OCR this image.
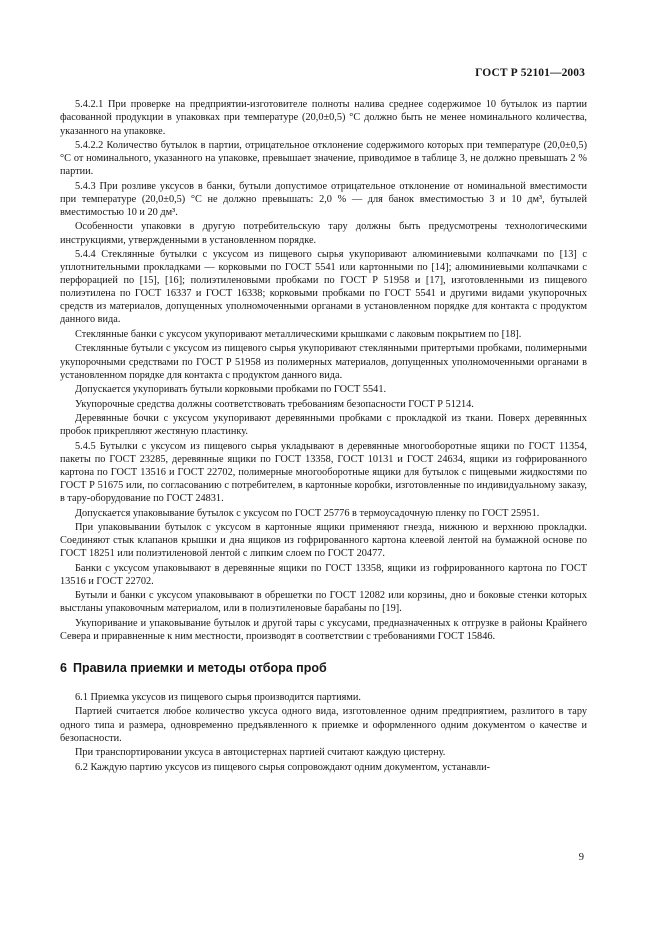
ГОСТ Р 52101—2003

5.4.2.1 При проверке на предприятии-изготовителе полноты налива среднее содержимое 10 бутылок из партии фасованной продукции в упаковках при температуре (20,0±0,5) °С должно быть не менее номинального количества, указанного на упаковке.

5.4.2.2 Количество бутылок в партии, отрицательное отклонение содержимого которых при температуре (20,0±0,5) °С от номинального, указанного на упаковке, превышает значение, приводимое в таблице 3, не должно превышать 2 % партии.

5.4.3 При розливе уксусов в банки, бутыли допустимое отрицательное отклонение от номинальной вместимости при температуре (20,0±0,5) °С не должно превышать: 2,0 % — для банок вместимостью 3 и 10 дм³, бутылей вместимостью 10 и 20 дм³.

Особенности упаковки в другую потребительскую тару должны быть предусмотрены технологическими инструкциями, утвержденными в установленном порядке.

5.4.4 Стеклянные бутылки с уксусом из пищевого сырья укупоривают алюминиевыми колпачками по [13] с уплотнительными прокладками — корковыми по ГОСТ 5541 или картонными по [14]; алюминиевыми колпачками с перфорацией по [15], [16]; полиэтиленовыми пробками по ГОСТ Р 51958 и [17], изготовленными из пищевого полиэтилена по ГОСТ 16337 и ГОСТ 16338; корковыми пробками по ГОСТ 5541 и другими видами укупорочных средств из материалов, допущенных уполномоченными органами в установленном порядке для контакта с продуктом данного вида.

Стеклянные банки с уксусом укупоривают металлическими крышками с лаковым покрытием по [18].

Стеклянные бутыли с уксусом из пищевого сырья укупоривают стеклянными притертыми пробками, полимерными укупорочными средствами по ГОСТ Р 51958 из полимерных материалов, допущенных уполномоченными органами в установленном порядке для контакта с продуктом данного вида.

Допускается укупоривать бутыли корковыми пробками по ГОСТ 5541.

Укупорочные средства должны соответствовать требованиям безопасности ГОСТ Р 51214.

Деревянные бочки с уксусом укупоривают деревянными пробками с прокладкой из ткани. Поверх деревянных пробок прикрепляют жестяную пластинку.

5.4.5 Бутылки с уксусом из пищевого сырья укладывают в деревянные многооборотные ящики по ГОСТ 11354, пакеты по ГОСТ 23285, деревянные ящики по ГОСТ 13358, ГОСТ 10131 и ГОСТ 24634, ящики из гофрированного картона по ГОСТ 13516 и ГОСТ 22702, полимерные многооборотные ящики для бутылок с пищевыми жидкостями по ГОСТ Р 51675 или, по согласованию с потребителем, в картонные коробки, изготовленные по индивидуальному заказу, в тару-оборудование по ГОСТ 24831.

Допускается упаковывание бутылок с уксусом по ГОСТ 25776 в термоусадочную пленку по ГОСТ 25951.

При упаковывании бутылок с уксусом в картонные ящики применяют гнезда, нижнюю и верхнюю прокладки. Соединяют стык клапанов крышки и дна ящиков из гофрированного картона клеевой лентой на бумажной основе по ГОСТ 18251 или полиэтиленовой лентой с липким слоем по ГОСТ 20477.

Банки с уксусом упаковывают в деревянные ящики по ГОСТ 13358, ящики из гофрированного картона по ГОСТ 13516 и ГОСТ 22702.

Бутыли и банки с уксусом упаковывают в обрешетки по ГОСТ 12082 или корзины, дно и боковые стенки которых выстланы упаковочным материалом, или в полиэтиленовые барабаны по [19].

Укупоривание и упаковывание бутылок и другой тары с уксусами, предназначенных к отгрузке в районы Крайнего Севера и приравненные к ним местности, производят в соответствии с требованиями ГОСТ 15846.

6 Правила приемки и методы отбора проб

6.1 Приемка уксусов из пищевого сырья производится партиями.

Партией считается любое количество уксуса одного вида, изготовленное одним предприятием, разлитого в тару одного типа и размера, одновременно предъявленного к приемке и оформленного одним документом о качестве и безопасности.

При транспортировании уксуса в автоцистернах партией считают каждую цистерну.

6.2 Каждую партию уксусов из пищевого сырья сопровождают одним документом, устанавли-

9
